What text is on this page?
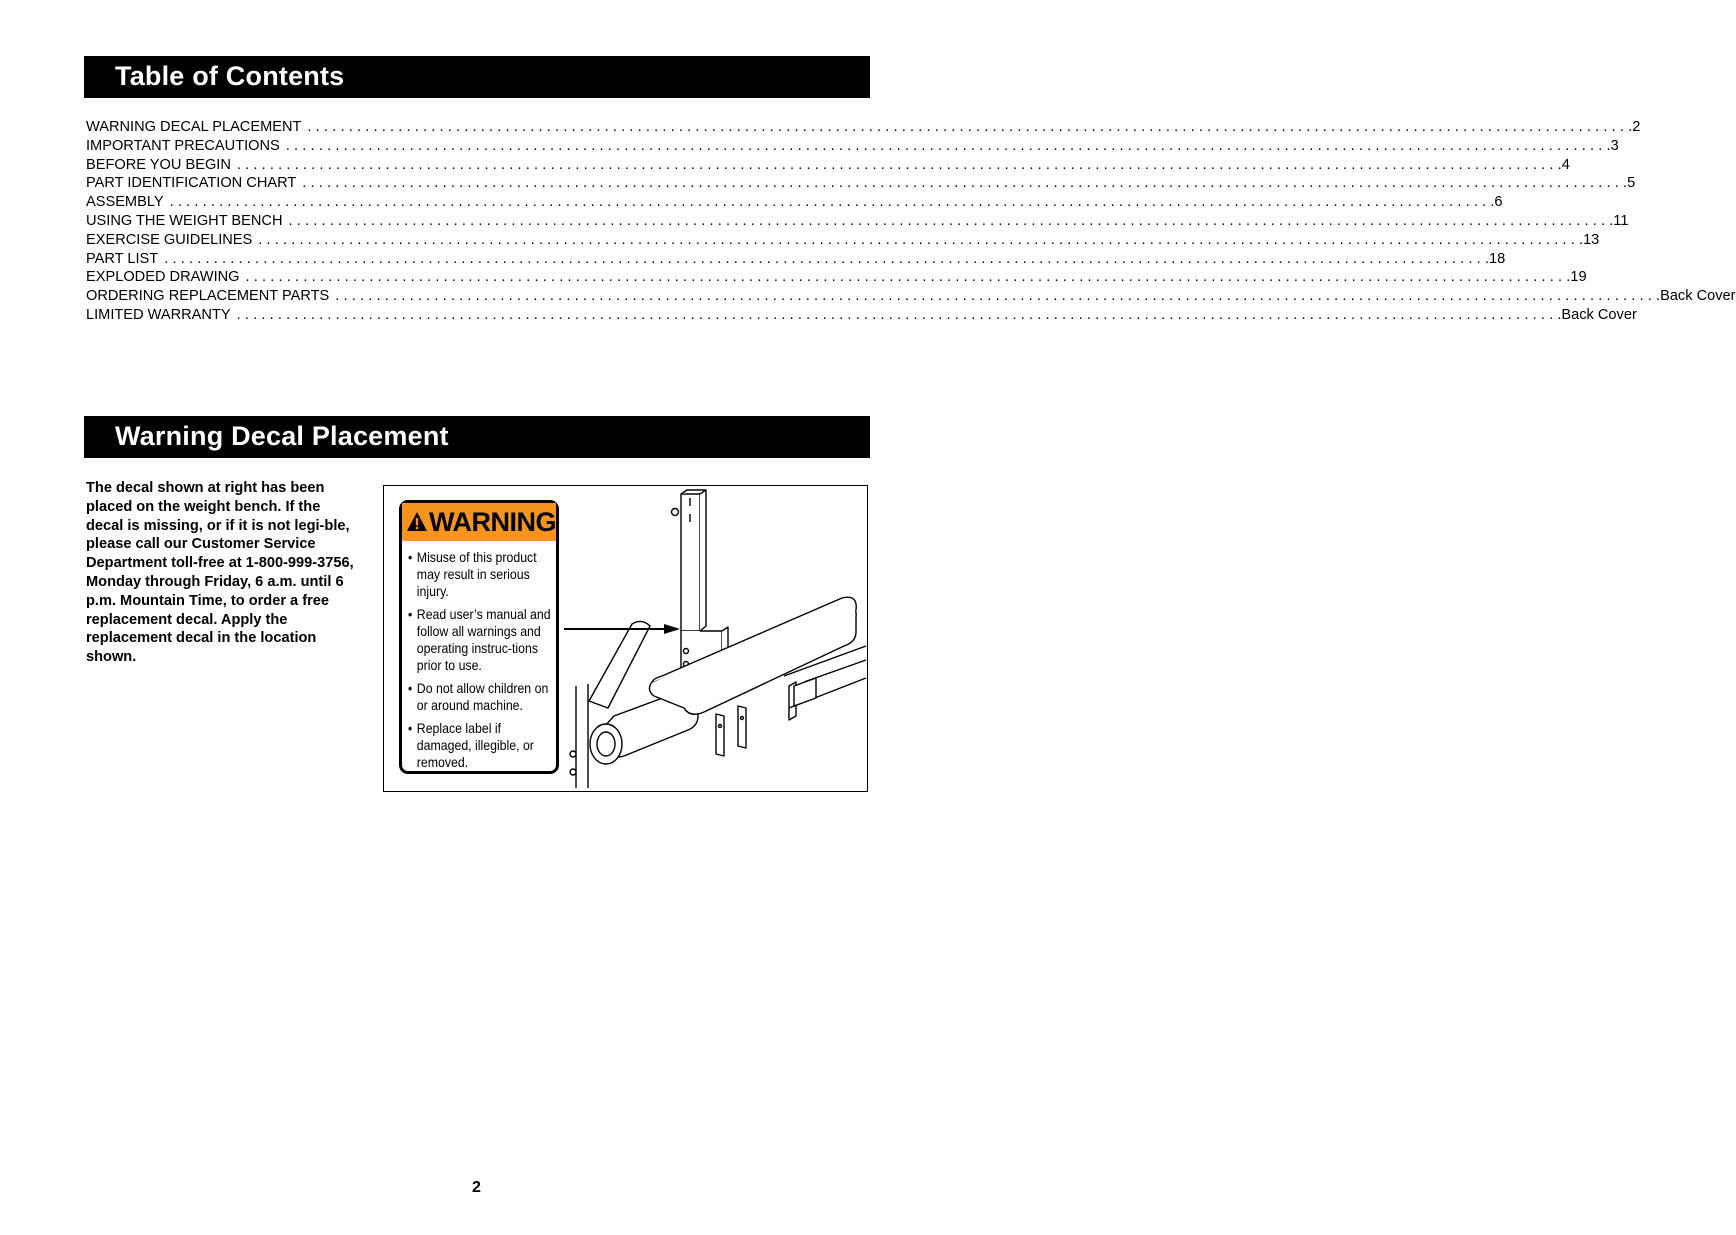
Table of Contents
WARNING DECAL PLACEMENT ................................................................................................................................................................ .2
IMPORTANT PRECAUTIONS ................................................................................................................................................................ .3
BEFORE YOU BEGIN ................................................................................................................................................................ .4
PART IDENTIFICATION CHART ................................................................................................................................................................ .5
ASSEMBLY ................................................................................................................................................................ .6
USING THE WEIGHT BENCH ................................................................................................................................................................ .11
EXERCISE GUIDELINES ................................................................................................................................................................ .13
PART LIST ................................................................................................................................................................ .18
EXPLODED DRAWING ................................................................................................................................................................ .19
ORDERING REPLACEMENT PARTS ................................................................................................................................................................ .Back Cover
LIMITED WARRANTY ................................................................................................................................................................ .Back Cover
Warning Decal Placement

The decal shown at right has been placed on the weight bench. If the decal is missing, or if it is not legi-ble, please call our Customer Service Department toll-free at 1-800-999-3756, Monday through Friday, 6 a.m. until 6 p.m. Mountain Time, to order a free replacement decal. Apply the replacement decal in the location shown.

WARNING
• Misuse of this product may result in serious injury.
• Read user’s manual and follow all warnings and operating instruc-tions prior to use.
• Do not allow children on or around machine.
• Replace label if damaged, illegible, or removed.
2
